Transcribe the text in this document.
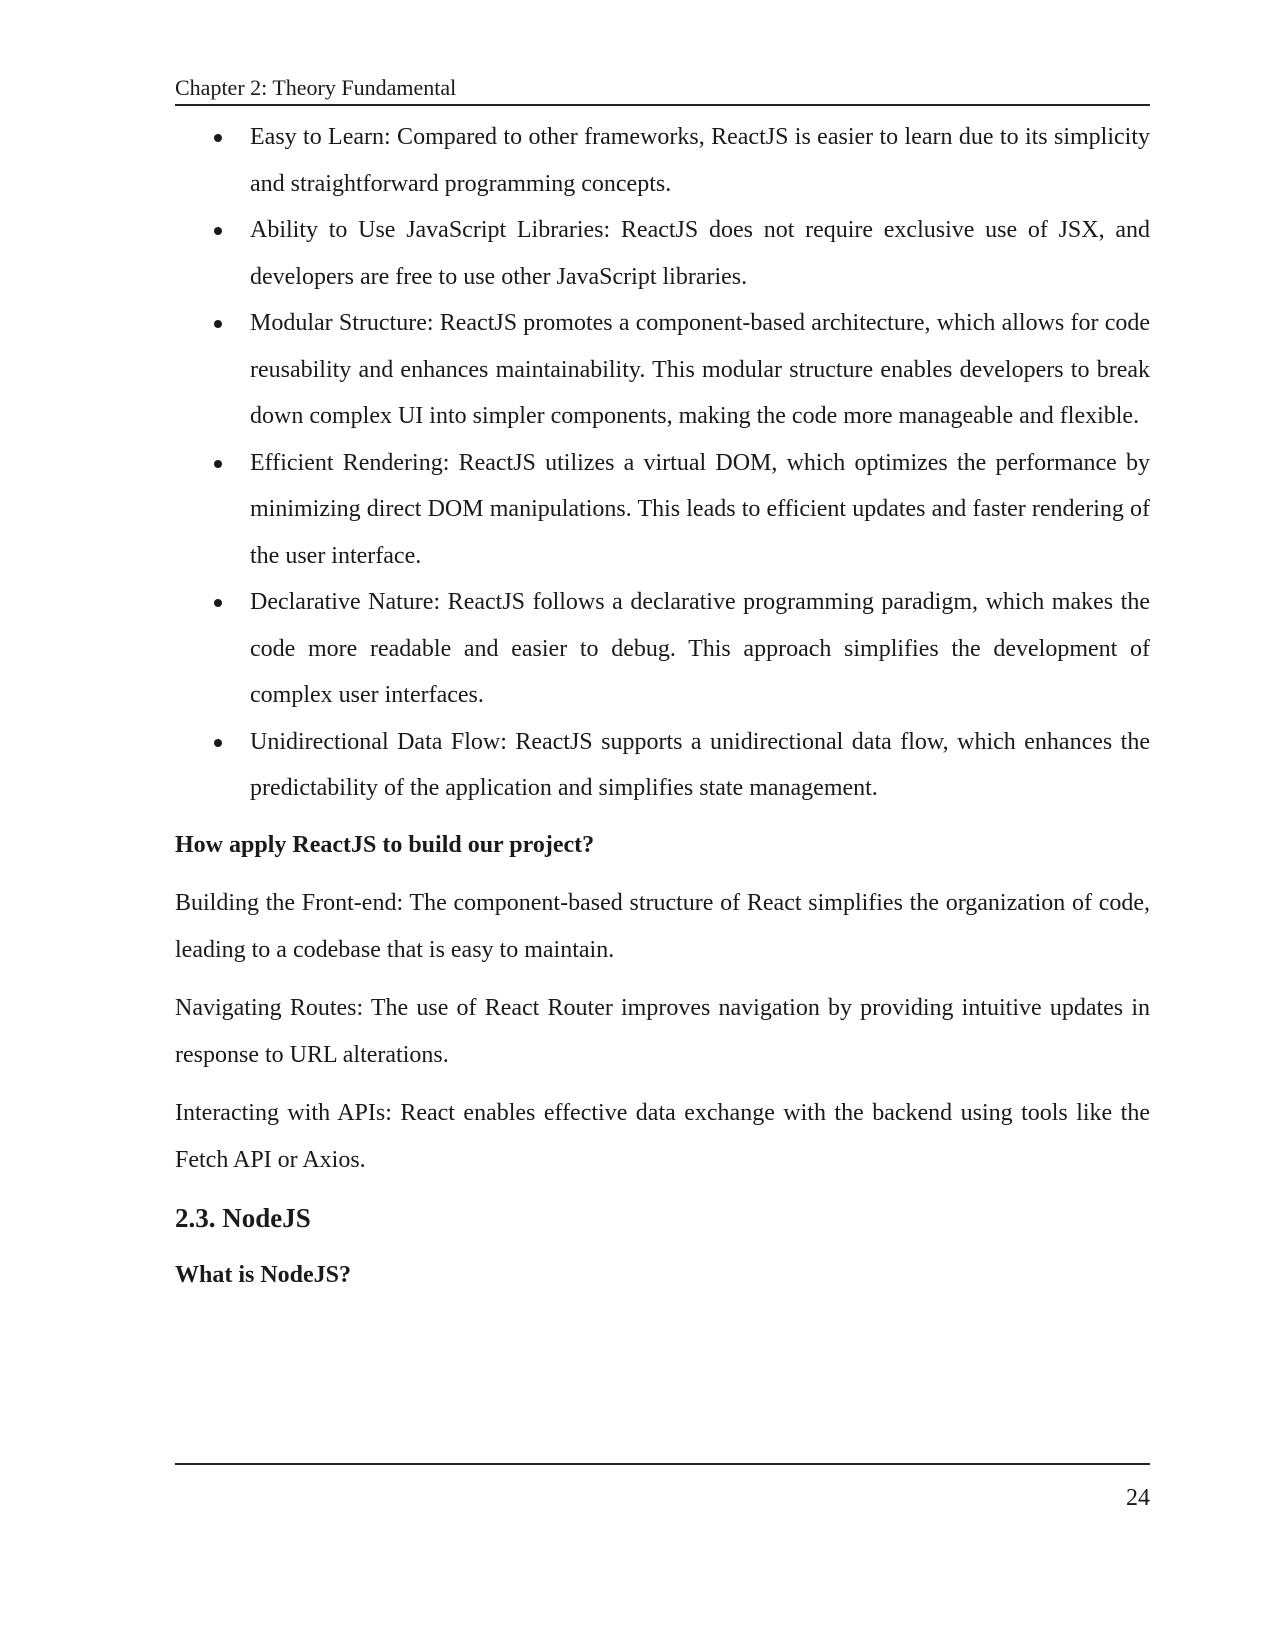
Chapter 2: Theory Fundamental
Easy to Learn: Compared to other frameworks, ReactJS is easier to learn due to its simplicity and straightforward programming concepts.
Ability to Use JavaScript Libraries: ReactJS does not require exclusive use of JSX, and developers are free to use other JavaScript libraries.
Modular Structure: ReactJS promotes a component-based architecture, which allows for code reusability and enhances maintainability. This modular structure enables developers to break down complex UI into simpler components, making the code more manageable and flexible.
Efficient Rendering: ReactJS utilizes a virtual DOM, which optimizes the performance by minimizing direct DOM manipulations. This leads to efficient updates and faster rendering of the user interface.
Declarative Nature: ReactJS follows a declarative programming paradigm, which makes the code more readable and easier to debug. This approach simplifies the development of complex user interfaces.
Unidirectional Data Flow: ReactJS supports a unidirectional data flow, which enhances the predictability of the application and simplifies state management.
How apply ReactJS to build our project?

Building the Front-end: The component-based structure of React simplifies the organization of code, leading to a codebase that is easy to maintain.

Navigating Routes: The use of React Router improves navigation by providing intuitive updates in response to URL alterations.

Interacting with APIs: React enables effective data exchange with the backend using tools like the Fetch API or Axios.

2.3. NodeJS
What is NodeJS?
24
